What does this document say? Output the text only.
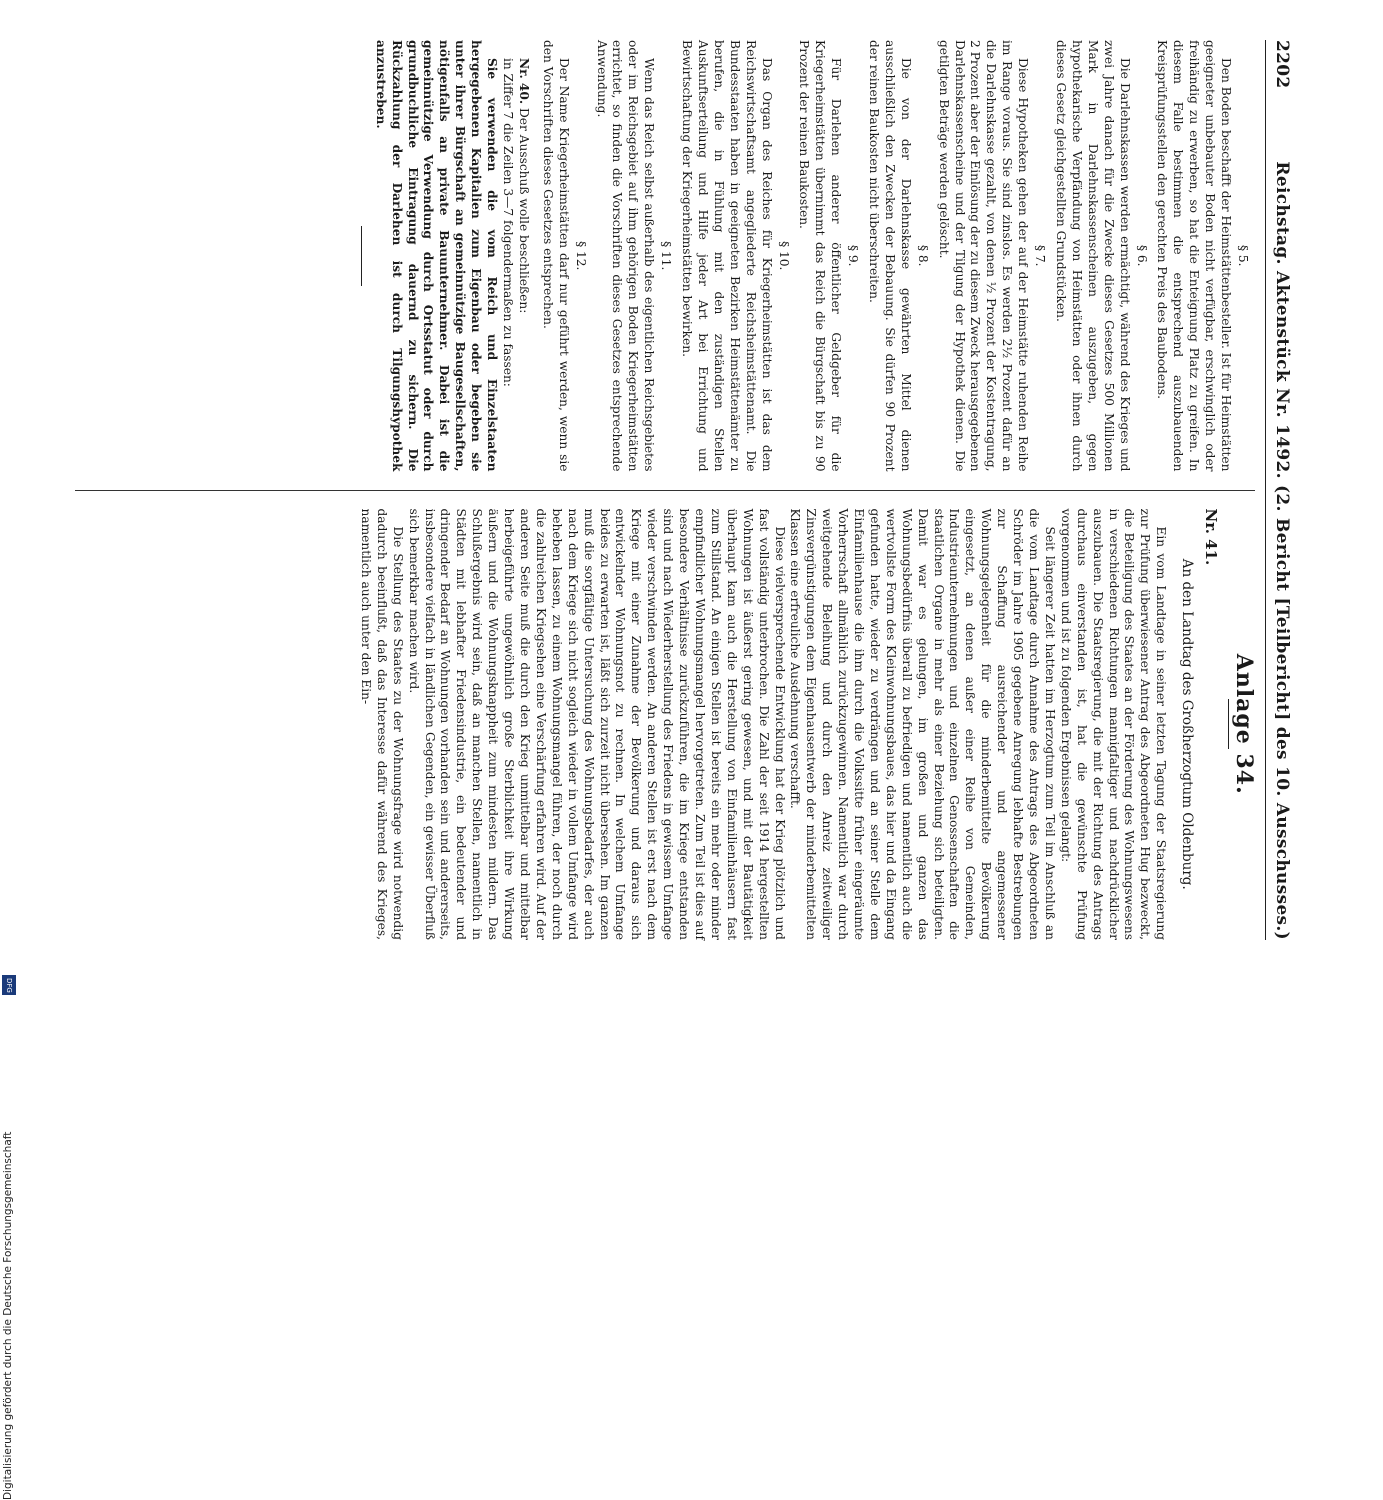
2202
Reichstag. Aktenstück Nr. 1492. (2. Bericht [Teilbericht] des 10. Ausschusses.)
§ 5.

Den Boden beschafft der Heimstättenbesteller. Ist für Heimstätten geeigneter unbebauter Boden nicht verfügbar, erschwinglich oder freihändig zu erwerben, so hat die Enteignung Platz zu greifen. In diesem Falle bestimmen die entsprechend auszubauenden Kreisprüfungsstellen den gerechten Preis des Baubodens.

§ 6.

Die Darlehnskassen werden ermächtigt, während des Krieges und zwei Jahre danach für die Zwecke dieses Gesetzes 500 Millionen Mark in Darlehnskassenscheinen auszugeben, gegen hypothekarische Verpfändung von Heimstätten oder ihnen durch dieses Gesetz gleichgestellten Grundstücken.

§ 7.

Diese Hypotheken gehen der auf der Heimstätte ruhenden Reihe im Range voraus. Sie sind zinslos. Es werden 2½ Prozent dafür an die Darlehnskasse gezahlt, von denen ½ Prozent der Kostentragung, 2 Prozent aber der Einlösung der zu diesem Zweck herausgegebenen Darlehnskassenscheine und der Tilgung der Hypothek dienen. Die getilgten Beträge werden gelöscht.

§ 8.

Die von der Darlehnskasse gewährten Mittel dienen ausschließlich den Zwecken der Bebauung. Sie dürfen 90 Prozent der reinen Baukosten nicht überschreiten.

§ 9.

Für Darlehen anderer öffentlicher Geldgeber für die Kriegerheimstätten übernimmt das Reich die Bürgschaft bis zu 90 Prozent der reinen Baukosten.

§ 10.

Das Organ des Reiches für Kriegerheimstätten ist das dem Reichswirtschaftsamt angegliederte Reichsheimstättenamt. Die Bundesstaaten haben in geeigneten Bezirken Heimstättenämter zu berufen, die in Fühlung mit den zuständigen Stellen Auskunftserteilung und Hilfe jeder Art bei Errichtung und Bewirtschaftung der Kriegerheimstätten bewirken.

§ 11.

Wenn das Reich selbst außerhalb des eigentlichen Reichsgebietes oder im Reichsgebiet auf ihm gehörigen Boden Kriegerheimstätten errichtet, so finden die Vorschriften dieses Gesetzes entsprechende Anwendung.

§ 12.

Der Name Kriegerheimstätten darf nur geführt werden, wenn sie den Vorschriften dieses Gesetzes entsprechen.

Nr. 40. Der Ausschuß wolle beschließen:

in Ziffer 7 die Zeilen 3—7 folgendermaßen zu fassen:

Sie verwenden die vom Reich und Einzelstaaten hergegebenen Kapitalien zum Eigenbau oder begeben sie unter ihrer Bürgschaft an gemeinnützige Baugesellschaften, nötigenfalls an private Bauunternehmer. Dabei ist die gemeinnützige Verwendung durch Ortsstatut oder durch grundbuchliche Eintragung dauernd zu sichern. Die Rückzahlung der Darlehen ist durch Tilgungshypothek anzustreben.

Anlage 34.
Nr. 41.
An den Landtag des Großherzogtum Oldenburg.

Ein vom Landtage in seiner letzten Tagung der Staatsregierung zur Prüfung überwiesener Antrag des Abgeordneten Hug bezweckt, die Beteiligung des Staates an der Förderung des Wohnungswesens in verschiedenen Richtungen mannigfaltiger und nachdrücklicher auszubauen. Die Staatsregierung, die mit der Richtung des Antrags durchaus einverstanden ist, hat die gewünschte Prüfung vorgenommen und ist zu folgenden Ergebnissen gelangt:

Seit längerer Zeit hatten im Herzogtum zum Teil im Anschluß an die vom Landtage durch Annahme des Antrags des Abgeordneten Schröder im Jahre 1905 gegebene Anregung lebhafte Bestrebungen zur Schaffung ausreichender und angemessener Wohnungsgelegenheit für die minderbemittelte Bevölkerung eingesetzt, an denen außer einer Reihe von Gemeinden, Industrieunternehmungen und einzelnen Genossenschaften die staatlichen Organe in mehr als einer Beziehung sich beteiligten. Damit war es gelungen, im großen und ganzen das Wohnungsbedürfnis überall zu befriedigen und namentlich auch die wertvollste Form des Kleinwohnungsbaues, das hier und da Eingang gefunden hatte, wieder zu verdrängen und an seiner Stelle dem Einfamilienhause die ihm durch die Volkssitte früher eingeräumte Vorherrschaft allmählich zurückzugewinnen. Namentlich war durch weitgehende Beleihung und durch den Anreiz zeitweiliger Zinsvergünstigungen dem Eigenhausentwerb der minderbemittelten Klassen eine erfreuliche Ausdehnung verschafft.

Diese vielversprechende Entwicklung hat der Krieg plötzlich und fast vollständig unterbrochen. Die Zahl der seit 1914 hergestellten Wohnungen ist äußerst gering gewesen, und mit der Bautätigkeit überhaupt kam auch die Herstellung von Einfamilienhäusern fast zum Stillstand. An einigen Stellen ist bereits ein mehr oder minder empfindlicher Wohnungsmangel hervorgetreten. Zum Teil ist dies auf besondere Verhältnisse zurückzuführen, die im Kriege entstanden sind und nach Wiederherstellung des Friedens in gewissem Umfange wieder verschwinden werden. An anderen Stellen ist erst nach dem Kriege mit einer Zunahme der Bevölkerung und daraus sich entwickelnder Wohnungsnot zu rechnen. In welchem Umfange beides zu erwarten ist, läßt sich zurzeit nicht übersehen. Im ganzen muß die sorgfältige Untersuchung des Wohnungsbedarfes, der auch nach dem Kriege sich nicht sogleich wieder in vollem Umfange wird beheben lassen, zu einem Wohnungsmangel führen, der noch durch die zahlreichen Kriegsehen eine Verschärfung erfahren wird. Auf der anderen Seite muß die durch den Krieg unmittelbar und mittelbar herbeigeführte ungewöhnlich große Sterblichkeit ihre Wirkung äußern und die Wohnungsknappheit zum mindesten mildern. Das Schlußergebnis wird sein, daß an manchen Stellen, namentlich in Städten mit lebhafter Friedensindustrie, ein bedeutender und dringender Bedarf an Wohnungen vorhanden sein und andererseits, insbesondere vielfach in ländlichen Gegenden, ein gewisser Überfluß sich bemerkbar machen wird.

Die Stellung des Staates zu der Wohnungsfrage wird notwendig dadurch beeinflußt, daß das Interesse dafür während des Krieges, namentlich auch unter den Ein-

Digitalisierung gefördert durch die Deutsche Forschungsgemeinschaft
DFG
